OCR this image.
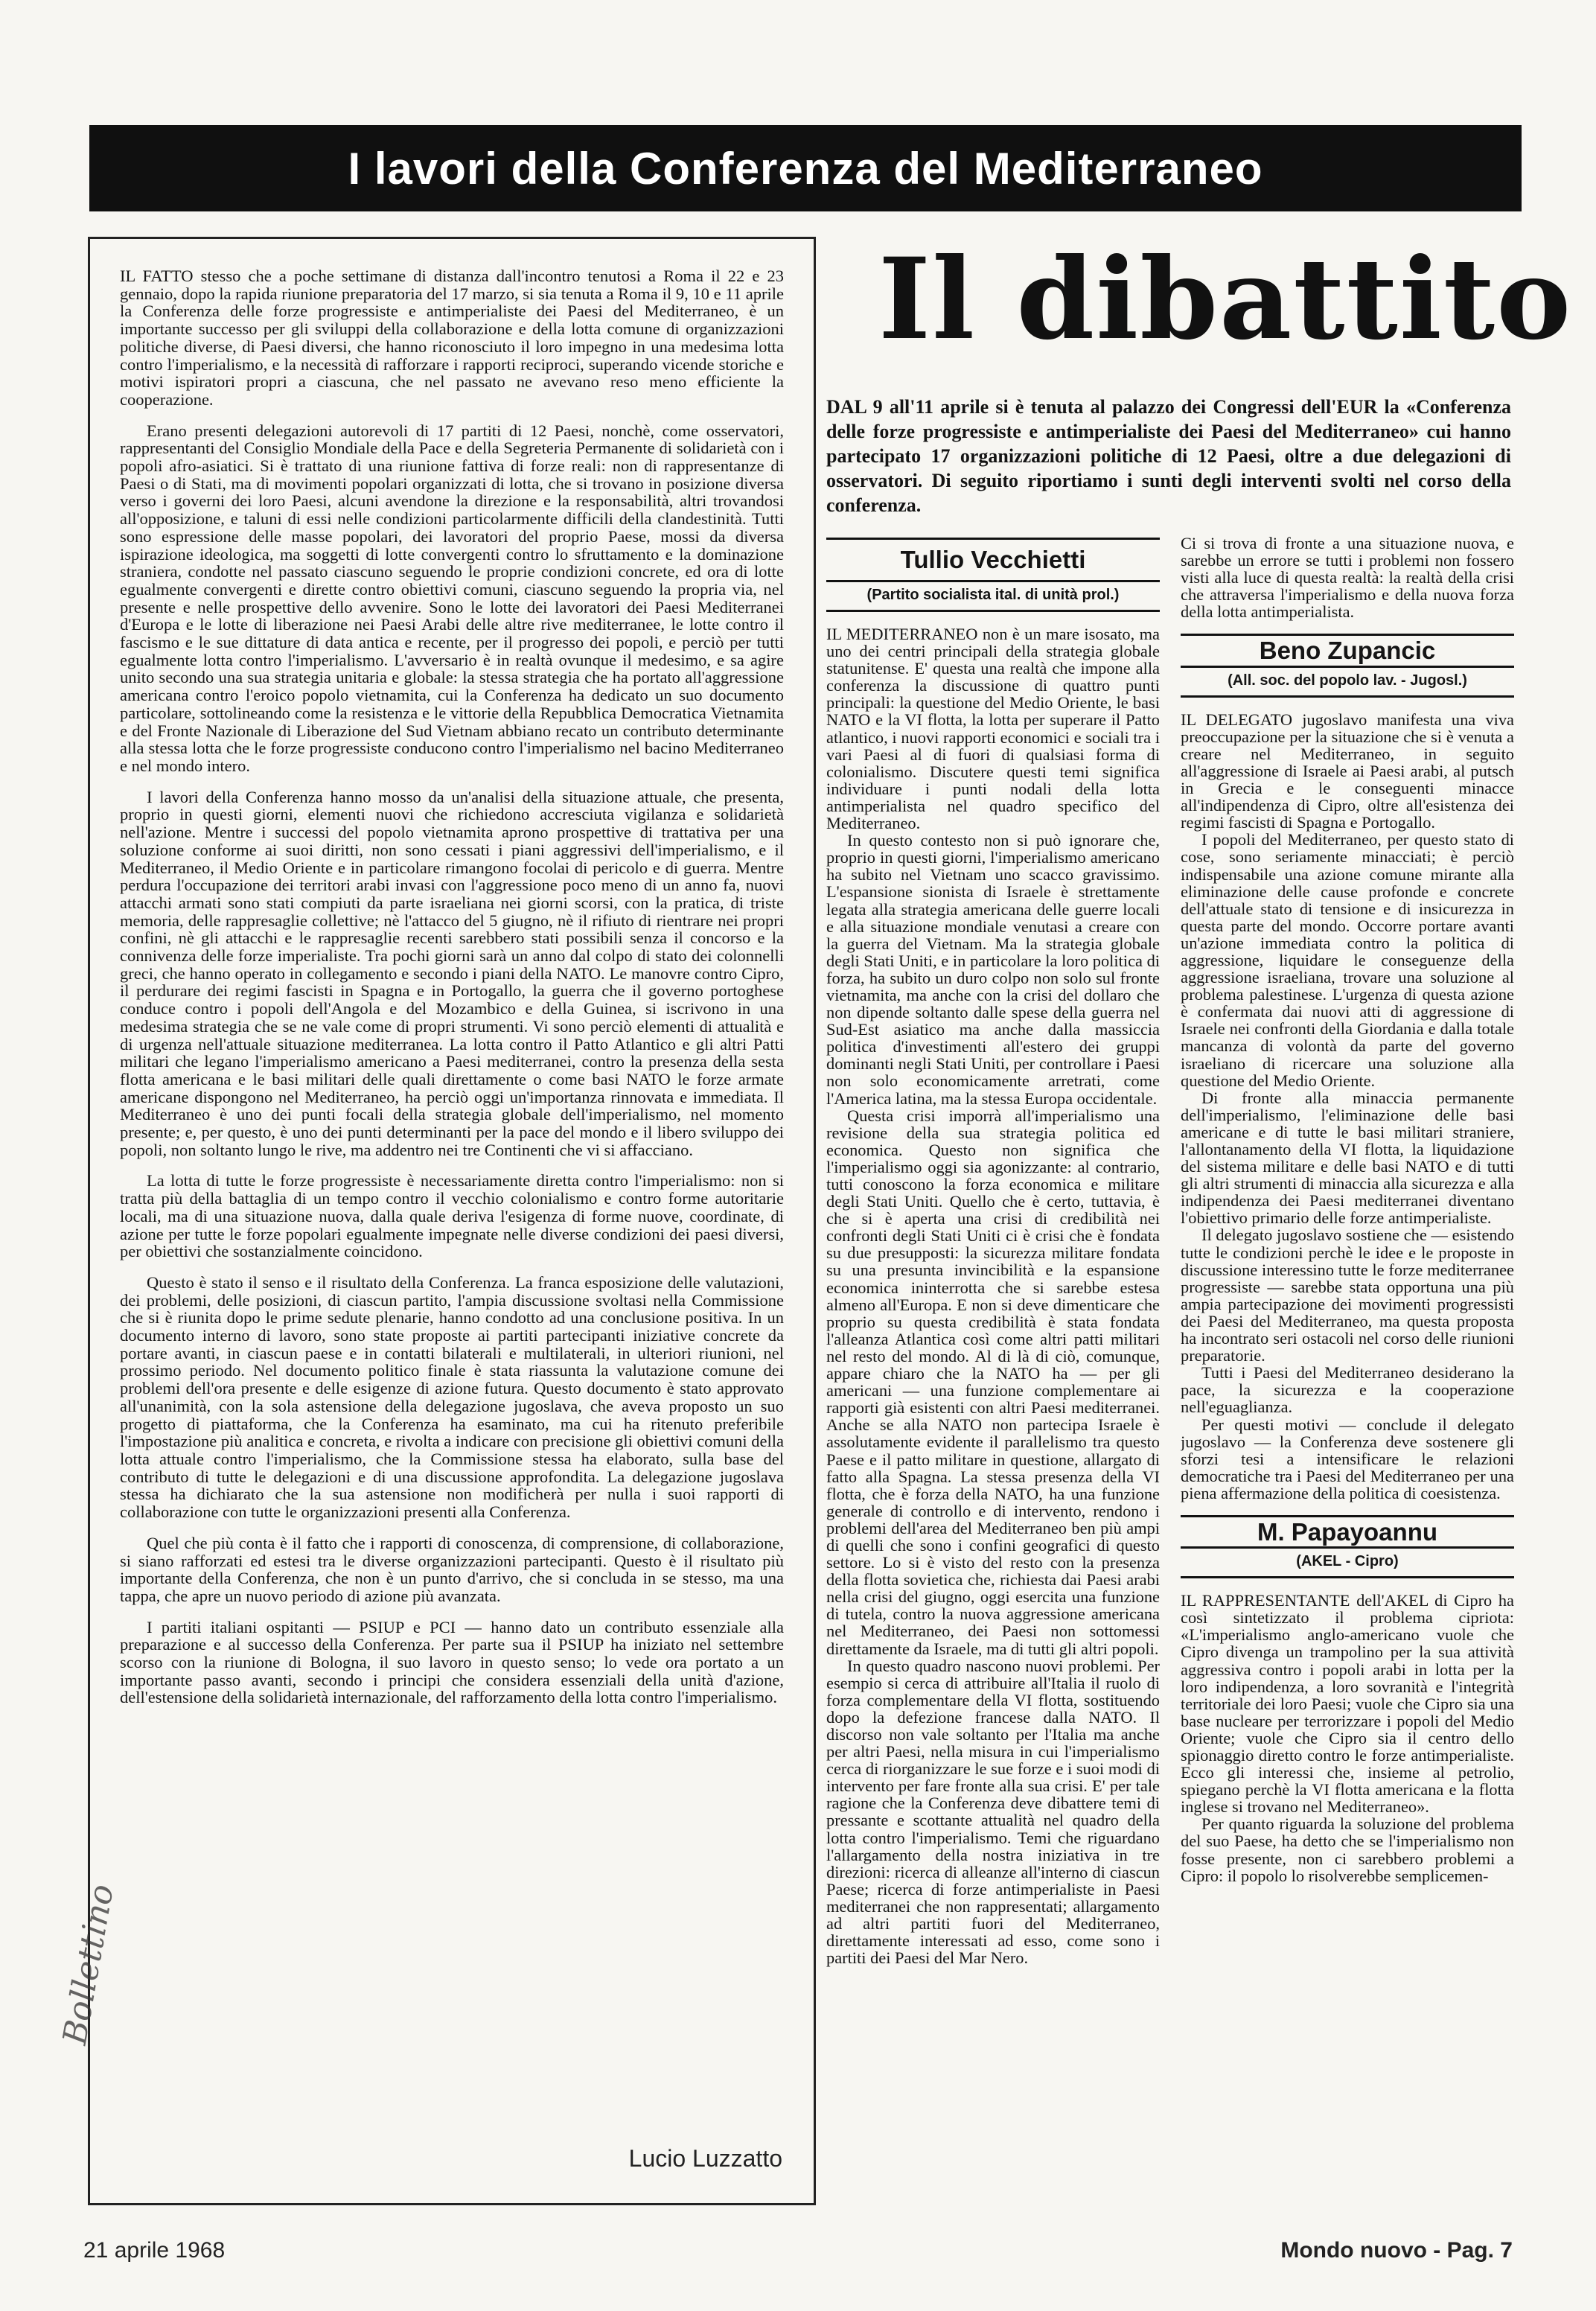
I lavori della Conferenza del Mediterraneo

IL FATTO stesso che a poche settimane di distanza dall'incontro tenutosi a Roma il 22 e 23 gennaio, dopo la rapida riunione preparatoria del 17 marzo, si sia tenuta a Roma il 9, 10 e 11 aprile la Conferenza delle forze progressiste e antimperialiste dei Paesi del Mediterraneo, è un importante successo per gli sviluppi della collaborazione e della lotta comune di organizzazioni politiche diverse, di Paesi diversi, che hanno riconosciuto il loro impegno in una medesima lotta contro l'imperialismo, e la necessità di rafforzare i rapporti reciproci, superando vicende storiche e motivi ispiratori propri a ciascuna, che nel passato ne avevano reso meno efficiente la cooperazione.

Erano presenti delegazioni autorevoli di 17 partiti di 12 Paesi, nonchè, come osservatori, rappresentanti del Consiglio Mondiale della Pace e della Segreteria Permanente di solidarietà con i popoli afro-asiatici. Si è trattato di una riunione fattiva di forze reali: non di rappresentanze di Paesi o di Stati, ma di movimenti popolari organizzati di lotta, che si trovano in posizione diversa verso i governi dei loro Paesi, alcuni avendone la direzione e la responsabilità, altri trovandosi all'opposizione, e taluni di essi nelle condizioni particolarmente difficili della clandestinità. Tutti sono espressione delle masse popolari, dei lavoratori del proprio Paese, mossi da diversa ispirazione ideologica, ma soggetti di lotte convergenti contro lo sfruttamento e la dominazione straniera, condotte nel passato ciascuno seguendo le proprie condizioni concrete, ed ora di lotte egualmente convergenti e dirette contro obiettivi comuni, ciascuno seguendo la propria via, nel presente e nelle prospettive dello avvenire. Sono le lotte dei lavoratori dei Paesi Mediterranei d'Europa e le lotte di liberazione nei Paesi Arabi delle altre rive mediterranee, le lotte contro il fascismo e le sue dittature di data antica e recente, per il progresso dei popoli, e perciò per tutti egualmente lotta contro l'imperialismo. L'avversario è in realtà ovunque il medesimo, e sa agire unito secondo una sua strategia unitaria e globale: la stessa strategia che ha portato all'aggressione americana contro l'eroico popolo vietnamita, cui la Conferenza ha dedicato un suo documento particolare, sottolineando come la resistenza e le vittorie della Repubblica Democratica Vietnamita e del Fronte Nazionale di Liberazione del Sud Vietnam abbiano recato un contributo determinante alla stessa lotta che le forze progressiste conducono contro l'imperialismo nel bacino Mediterraneo e nel mondo intero.

I lavori della Conferenza hanno mosso da un'analisi della situazione attuale, che presenta, proprio in questi giorni, elementi nuovi che richiedono accresciuta vigilanza e solidarietà nell'azione. Mentre i successi del popolo vietnamita aprono prospettive di trattativa per una soluzione conforme ai suoi diritti, non sono cessati i piani aggressivi dell'imperialismo, e il Mediterraneo, il Medio Oriente e in particolare rimangono focolai di pericolo e di guerra. Mentre perdura l'occupazione dei territori arabi invasi con l'aggressione poco meno di un anno fa, nuovi attacchi armati sono stati compiuti da parte israeliana nei giorni scorsi, con la pratica, di triste memoria, delle rappresaglie collettive; nè l'attacco del 5 giugno, nè il rifiuto di rientrare nei propri confini, nè gli attacchi e le rappresaglie recenti sarebbero stati possibili senza il concorso e la connivenza delle forze imperialiste. Tra pochi giorni sarà un anno dal colpo di stato dei colonnelli greci, che hanno operato in collegamento e secondo i piani della NATO. Le manovre contro Cipro, il perdurare dei regimi fascisti in Spagna e in Portogallo, la guerra che il governo portoghese conduce contro i popoli dell'Angola e del Mozambico e della Guinea, si iscrivono in una medesima strategia che se ne vale come di propri strumenti. Vi sono perciò elementi di attualità e di urgenza nell'attuale situazione mediterranea. La lotta contro il Patto Atlantico e gli altri Patti militari che legano l'imperialismo americano a Paesi mediterranei, contro la presenza della sesta flotta americana e le basi militari delle quali direttamente o come basi NATO le forze armate americane dispongono nel Mediterraneo, ha perciò oggi un'importanza rinnovata e immediata. Il Mediterraneo è uno dei punti focali della strategia globale dell'imperialismo, nel momento presente; e, per questo, è uno dei punti determinanti per la pace del mondo e il libero sviluppo dei popoli, non soltanto lungo le rive, ma addentro nei tre Continenti che vi si affacciano.

La lotta di tutte le forze progressiste è necessariamente diretta contro l'imperialismo: non si tratta più della battaglia di un tempo contro il vecchio colonialismo e contro forme autoritarie locali, ma di una situazione nuova, dalla quale deriva l'esigenza di forme nuove, coordinate, di azione per tutte le forze popolari egualmente impegnate nelle diverse condizioni dei paesi diversi, per obiettivi che sostanzialmente coincidono.

Questo è stato il senso e il risultato della Conferenza. La franca esposizione delle valutazioni, dei problemi, delle posizioni, di ciascun partito, l'ampia discussione svoltasi nella Commissione che si è riunita dopo le prime sedute plenarie, hanno condotto ad una conclusione positiva. In un documento interno di lavoro, sono state proposte ai partiti partecipanti iniziative concrete da portare avanti, in ciascun paese e in contatti bilaterali e multilaterali, in ulteriori riunioni, nel prossimo periodo. Nel documento politico finale è stata riassunta la valutazione comune dei problemi dell'ora presente e delle esigenze di azione futura. Questo documento è stato approvato all'unanimità, con la sola astensione della delegazione jugoslava, che aveva proposto un suo progetto di piattaforma, che la Conferenza ha esaminato, ma cui ha ritenuto preferibile l'impostazione più analitica e concreta, e rivolta a indicare con precisione gli obiettivi comuni della lotta attuale contro l'imperialismo, che la Commissione stessa ha elaborato, sulla base del contributo di tutte le delegazioni e di una discussione approfondita. La delegazione jugoslava stessa ha dichiarato che la sua astensione non modificherà per nulla i suoi rapporti di collaborazione con tutte le organizzazioni presenti alla Conferenza.

Quel che più conta è il fatto che i rapporti di conoscenza, di comprensione, di collaborazione, si siano rafforzati ed estesi tra le diverse organizzazioni partecipanti. Questo è il risultato più importante della Conferenza, che non è un punto d'arrivo, che si concluda in se stesso, ma una tappa, che apre un nuovo periodo di azione più avanzata.

I partiti italiani ospitanti — PSIUP e PCI — hanno dato un contributo essenziale alla preparazione e al successo della Conferenza. Per parte sua il PSIUP ha iniziato nel settembre scorso con la riunione di Bologna, il suo lavoro in questo senso; lo vede ora portato a un importante passo avanti, secondo i principi che considera essenziali della unità d'azione, dell'estensione della solidarietà internazionale, del rafforzamento della lotta contro l'imperialismo.

Lucio Luzzatto
Bollettino
Il dibattito
DAL 9 all'11 aprile si è tenuta al palazzo dei Congressi dell'EUR la «Conferenza delle forze progressiste e antimperialiste dei Paesi del Mediterraneo» cui hanno partecipato 17 organizzazioni politiche di 12 Paesi, oltre a due delegazioni di osservatori. Di seguito riportiamo i sunti degli interventi svolti nel corso della conferenza.
Tullio Vecchietti
(Partito socialista ital. di unità prol.)

IL MEDITERRANEO non è un mare isosato, ma uno dei centri principali della strategia globale statunitense. E' questa una realtà che impone alla conferenza la discussione di quattro punti principali: la questione del Medio Oriente, le basi NATO e la VI flotta, la lotta per superare il Patto atlantico, i nuovi rapporti economici e sociali tra i vari Paesi al di fuori di qualsiasi forma di colonialismo. Discutere questi temi significa individuare i punti nodali della lotta antimperialista nel quadro specifico del Mediterraneo.

In questo contesto non si può ignorare che, proprio in questi giorni, l'imperialismo americano ha subito nel Vietnam uno scacco gravissimo. L'espansione sionista di Israele è strettamente legata alla strategia americana delle guerre locali e alla situazione mondiale venutasi a creare con la guerra del Vietnam. Ma la strategia globale degli Stati Uniti, e in particolare la loro politica di forza, ha subito un duro colpo non solo sul fronte vietnamita, ma anche con la crisi del dollaro che non dipende soltanto dalle spese della guerra nel Sud-Est asiatico ma anche dalla massiccia politica d'investimenti all'estero dei gruppi dominanti negli Stati Uniti, per controllare i Paesi non solo economicamente arretrati, come l'America latina, ma la stessa Europa occidentale.

Questa crisi imporrà all'imperialismo una revisione della sua strategia politica ed economica. Questo non significa che l'imperialismo oggi sia agonizzante: al contrario, tutti conoscono la forza economica e militare degli Stati Uniti. Quello che è certo, tuttavia, è che si è aperta una crisi di credibilità nei confronti degli Stati Uniti ci è crisi che è fondata su due presupposti: la sicurezza militare fondata su una presunta invincibilità e la espansione economica ininterrotta che si sarebbe estesa almeno all'Europa. E non si deve dimenticare che proprio su questa credibilità è stata fondata l'alleanza Atlantica così come altri patti militari nel resto del mondo. Al di là di ciò, comunque, appare chiaro che la NATO ha — per gli americani — una funzione complementare ai rapporti già esistenti con altri Paesi mediterranei. Anche se alla NATO non partecipa Israele è assolutamente evidente il parallelismo tra questo Paese e il patto militare in questione, allargato di fatto alla Spagna. La stessa presenza della VI flotta, che è forza della NATO, ha una funzione generale di controllo e di intervento, rendono i problemi dell'area del Mediterraneo ben più ampi di quelli che sono i confini geografici di questo settore. Lo si è visto del resto con la presenza della flotta sovietica che, richiesta dai Paesi arabi nella crisi del giugno, oggi esercita una funzione di tutela, contro la nuova aggressione americana nel Mediterraneo, dei Paesi non sottomessi direttamente da Israele, ma di tutti gli altri popoli.

In questo quadro nascono nuovi problemi. Per esempio si cerca di attribuire all'Italia il ruolo di forza complementare della VI flotta, sostituendo dopo la defezione francese dalla NATO. Il discorso non vale soltanto per l'Italia ma anche per altri Paesi, nella misura in cui l'imperialismo cerca di riorganizzare le sue forze e i suoi modi di intervento per fare fronte alla sua crisi. E' per tale ragione che la Conferenza deve dibattere temi di pressante e scottante attualità nel quadro della lotta contro l'imperialismo. Temi che riguardano l'allargamento della nostra iniziativa in tre direzioni: ricerca di alleanze all'interno di ciascun Paese; ricerca di forze antimperialiste in Paesi mediterranei che non rappresentati; allargamento ad altri partiti fuori del Mediterraneo, direttamente interessati ad esso, come sono i partiti dei Paesi del Mar Nero.

Ci si trova di fronte a una situazione nuova, e sarebbe un errore se tutti i problemi non fossero visti alla luce di questa realtà: la realtà della crisi che attraversa l'imperialismo e della nuova forza della lotta antimperialista.

Beno Zupancic
(All. soc. del popolo lav. - Jugosl.)

IL DELEGATO jugoslavo manifesta una viva preoccupazione per la situazione che si è venuta a creare nel Mediterraneo, in seguito all'aggressione di Israele ai Paesi arabi, al putsch in Grecia e le conseguenti minacce all'indipendenza di Cipro, oltre all'esistenza dei regimi fascisti di Spagna e Portogallo.

I popoli del Mediterraneo, per questo stato di cose, sono seriamente minacciati; è perciò indispensabile una azione comune mirante alla eliminazione delle cause profonde e concrete dell'attuale stato di tensione e di insicurezza in questa parte del mondo. Occorre portare avanti un'azione immediata contro la politica di aggressione, liquidare le conseguenze della aggressione israeliana, trovare una soluzione al problema palestinese. L'urgenza di questa azione è confermata dai nuovi atti di aggressione di Israele nei confronti della Giordania e dalla totale mancanza di volontà da parte del governo israeliano di ricercare una soluzione alla questione del Medio Oriente.

Di fronte alla minaccia permanente dell'imperialismo, l'eliminazione delle basi americane e di tutte le basi militari straniere, l'allontanamento della VI flotta, la liquidazione del sistema militare e delle basi NATO e di tutti gli altri strumenti di minaccia alla sicurezza e alla indipendenza dei Paesi mediterranei diventano l'obiettivo primario delle forze antimperialiste.

Il delegato jugoslavo sostiene che — esistendo tutte le condizioni perchè le idee e le proposte in discussione interessino tutte le forze mediterranee progressiste — sarebbe stata opportuna una più ampia partecipazione dei movimenti progressisti dei Paesi del Mediterraneo, ma questa proposta ha incontrato seri ostacoli nel corso delle riunioni preparatorie.

Tutti i Paesi del Mediterraneo desiderano la pace, la sicurezza e la cooperazione nell'eguaglianza.

Per questi motivi — conclude il delegato jugoslavo — la Conferenza deve sostenere gli sforzi tesi a intensificare le relazioni democratiche tra i Paesi del Mediterraneo per una piena affermazione della politica di coesistenza.

M. Papayoannu
(AKEL - Cipro)

IL RAPPRESENTANTE dell'AKEL di Cipro ha così sintetizzato il problema cipriota: «L'imperialismo anglo-americano vuole che Cipro divenga un trampolino per la sua attività aggressiva contro i popoli arabi in lotta per la loro indipendenza, a loro sovranità e l'integrità territoriale dei loro Paesi; vuole che Cipro sia una base nucleare per terrorizzare i popoli del Medio Oriente; vuole che Cipro sia il centro dello spionaggio diretto contro le forze antimperialiste. Ecco gli interessi che, insieme al petrolio, spiegano perchè la VI flotta americana e la flotta inglese si trovano nel Mediterraneo».

Per quanto riguarda la soluzione del problema del suo Paese, ha detto che se l'imperialismo non fosse presente, non ci sarebbero problemi a Cipro: il popolo lo risolverebbe semplicemen-

21 aprile 1968	Mondo nuovo - Pag. 7
